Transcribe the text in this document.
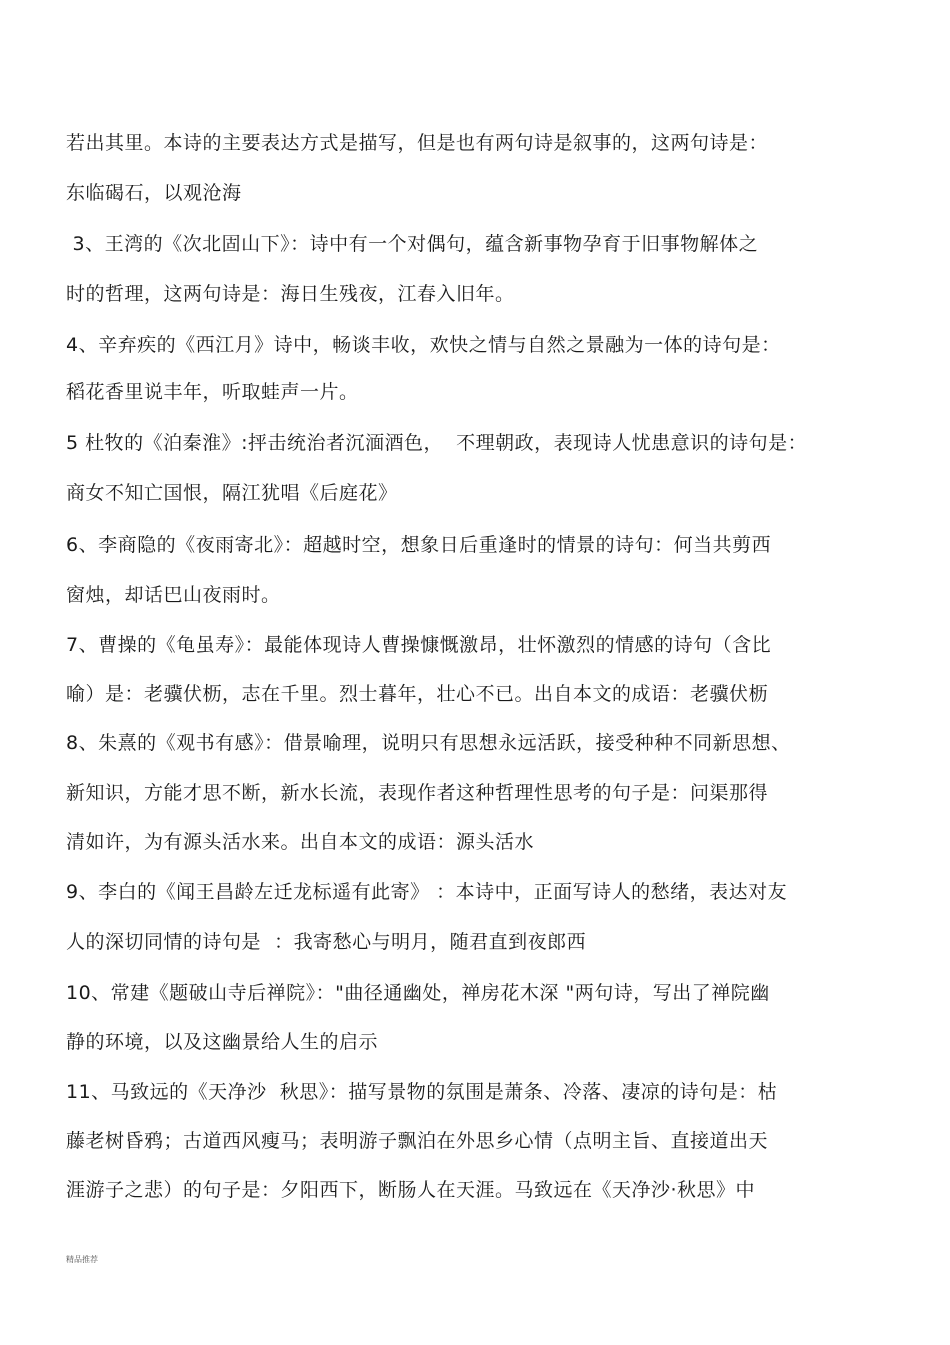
若出其里。本诗的主要表达方式是描写，但是也有两句诗是叙事的，这两句诗是：
东临碣石，以观沧海
3、王湾的《次北固山下》：诗中有一个对偶句，蕴含新事物孕育于旧事物解体之
时的哲理，这两句诗是：海日生残夜，江春入旧年。
4、辛弃疾的《西江月》诗中，畅谈丰收，欢快之情与自然之景融为一体的诗句是：
稻花香里说丰年，听取蛙声一片。
5 杜牧的《泊秦淮》:抨击统治者沉湎酒色，  不理朝政，表现诗人忧患意识的诗句是：
商女不知亡国恨，隔江犹唱《后庭花》
6、李商隐的《夜雨寄北》：超越时空，想象日后重逢时的情景的诗句：何当共剪西
窗烛，却话巴山夜雨时。
7、曹操的《龟虽寿》：最能体现诗人曹操慷慨激昂，壮怀激烈的情感的诗句（含比
喻）是：老骥伏枥，志在千里。烈士暮年，壮心不已。出自本文的成语：老骥伏枥
8、朱熹的《观书有感》：借景喻理，说明只有思想永远活跃，接受种种不同新思想、
新知识，方能才思不断，新水长流，表现作者这种哲理性思考的句子是：问渠那得
清如许，为有源头活水来。出自本文的成语：源头活水
9、李白的《闻王昌龄左迁龙标遥有此寄》 ：本诗中，正面写诗人的愁绪，表达对友
人的深切同情的诗句是  ：我寄愁心与明月，随君直到夜郎西
10、常建《题破山寺后禅院》："曲径通幽处，禅房花木深 "两句诗，写出了禅院幽
静的环境，以及这幽景给人生的启示
11、马致远的《天净沙  秋思》：描写景物的氛围是萧条、冷落、凄凉的诗句是：枯
藤老树昏鸦；古道西风瘦马；表明游子飘泊在外思乡心情（点明主旨、直接道出天
涯游子之悲）的句子是：夕阳西下，断肠人在天涯。马致远在《天净沙·秋思》中
精品推荐
